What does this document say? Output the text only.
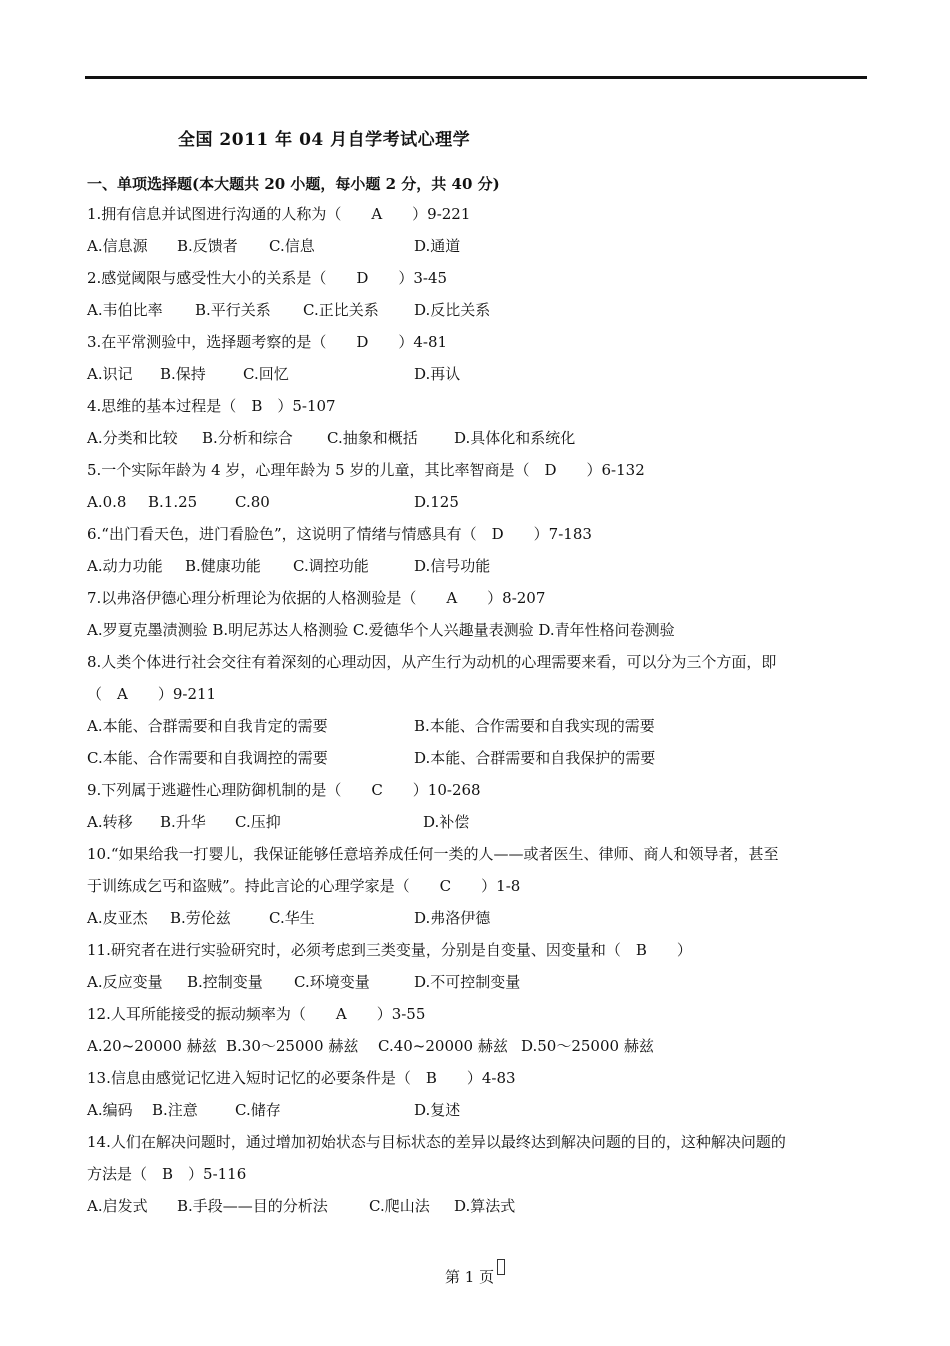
全国 2011 年 04 月自学考试心理学
一、单项选择题(本大题共 20 小题，每小题 2 分，共 40 分)
1.拥有信息并试图进行沟通的人称为（　　A　　）9-221
A.信息源 B.反馈者 C.信息	D.通道
2.感觉阈限与感受性大小的关系是（　　D　　）3-45
A.韦伯比率 B.平行关系 C.正比关系 D.反比关系
3.在平常测验中，选择题考察的是（　　D　　）4-81
A.识记 B.保持 C.回忆	D.再认
4.思维的基本过程是（　B　）5-107
A.分类和比较 B.分析和综合 C.抽象和概括 D.具体化和系统化
5.一个实际年龄为 4 岁，心理年龄为 5 岁的儿童，其比率智商是（　D　　）6-132
A.0.8 B.1.25	C.80	D.125
6.“出门看天色，进门看脸色”，这说明了情绪与情感具有（　D　　）7-183
A.动力功能 B.健康功能 C.调控功能	D.信号功能
7.以弗洛伊德心理分析理论为依据的人格测验是（　　A　　）8-207
A.罗夏克墨渍测验 B.明尼苏达人格测验 C.爱德华个人兴趣量表测验 D.青年性格问卷测验
8.人类个体进行社会交往有着深刻的心理动因，从产生行为动机的心理需要来看，可以分为三个方面，即
（　A　　）9-211
A.本能、合群需要和自我肯定的需要	B.本能、合作需要和自我实现的需要
C.本能、合作需要和自我调控的需要	D.本能、合群需要和自我保护的需要
9.下列属于逃避性心理防御机制的是（　　C　　）10-268
A.转移 B.升华 C.压抑	D.补偿
10.“如果给我一打婴儿，我保证能够任意培养成任何一类的人——或者医生、律师、商人和领导者，甚至
于训练成乞丐和盗贼”。持此言论的心理学家是（　　C　　）1-8
A.皮亚杰 B.劳伦兹	C.华生	D.弗洛伊德
11.研究者在进行实验研究时，必须考虑到三类变量，分别是自变量、因变量和（　B　　）
A.反应变量 B.控制变量 C.环境变量	D.不可控制变量
12.人耳所能接受的振动频率为（　　A　　）3-55
A.20~20000 赫兹 B.30～25000 赫兹 C.40~20000 赫兹 D.50～25000 赫兹
13.信息由感觉记忆进入短时记忆的必要条件是（　B　　）4-83
A.编码 B.注意 C.储存	D.复述
14.人们在解决问题时，通过增加初始状态与目标状态的差异以最终达到解决问题的目的，这种解决问题的
方法是（　B　）5-116
A.启发式 B.手段——目的分析法	C.爬山法 D.算法式
第 1 页
